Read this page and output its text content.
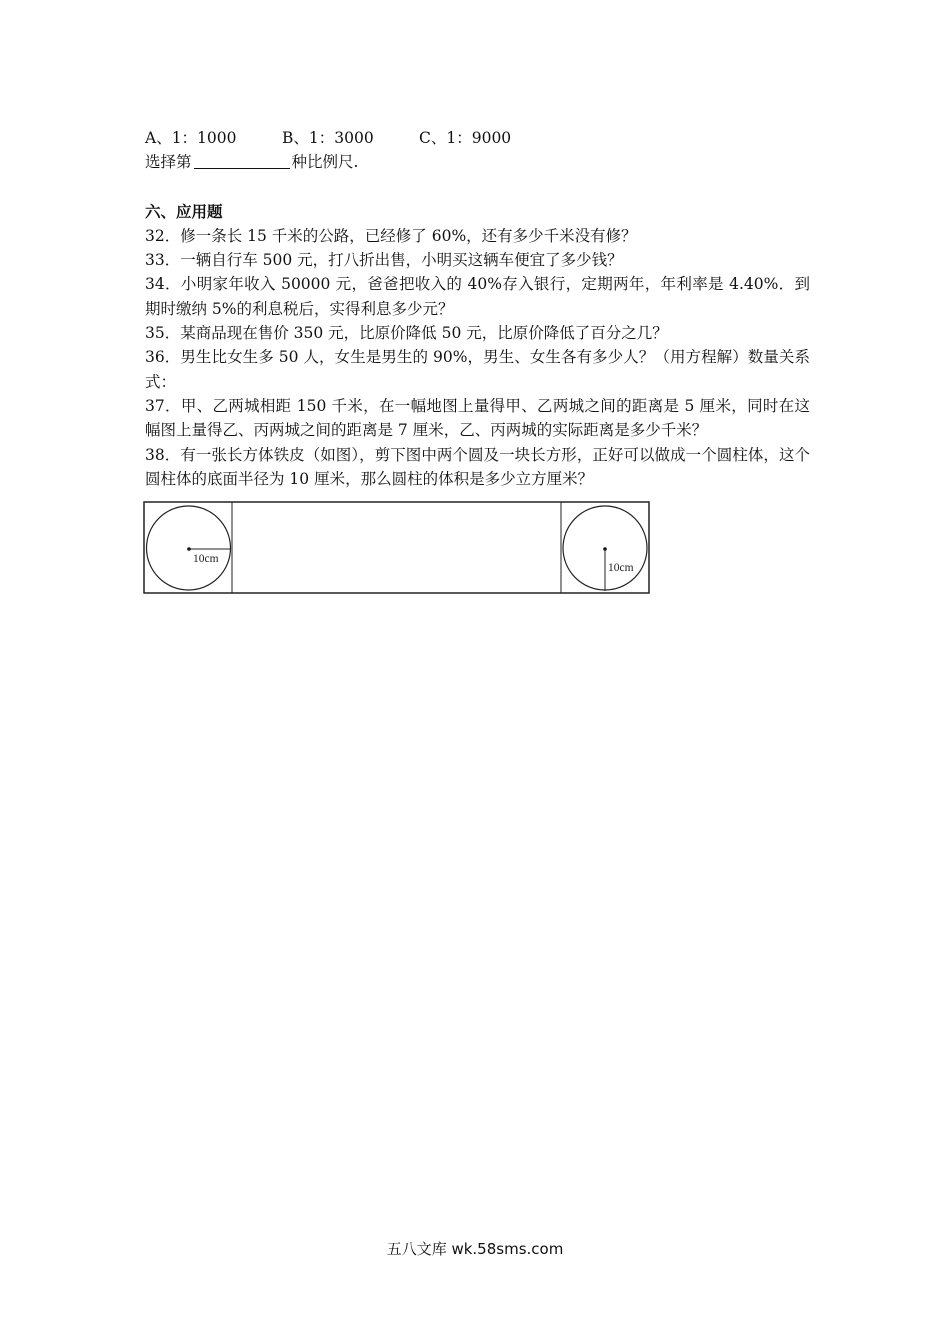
A、1：1000	B、1：3000	C、1：9000
选择第	种比例尺.
六、应用题
32．修一条长 15 千米的公路，已经修了 60%，还有多少千米没有修？
33．一辆自行车 500 元，打八折出售，小明买这辆车便宜了多少钱？
34．小明家年收入 50000 元，爸爸把收入的 40%存入银行，定期两年，年利率是 4.40%．到期时缴纳 5%的利息税后，实得利息多少元？
35．某商品现在售价 350 元，比原价降低 50 元，比原价降低了百分之几？
36．男生比女生多 50 人，女生是男生的 90%，男生、女生各有多少人？（用方程解）数量关系式：
37．甲、乙两城相距 150 千米，在一幅地图上量得甲、乙两城之间的距离是 5 厘米，同时在这幅图上量得乙、丙两城之间的距离是 7 厘米，乙、丙两城的实际距离是多少千米？
38．有一张长方体铁皮（如图），剪下图中两个圆及一块长方形，正好可以做成一个圆柱体，这个圆柱体的底面半径为 10 厘米，那么圆柱的体积是多少立方厘米？
10cm
10cm
五八文库 wk.58sms.com
